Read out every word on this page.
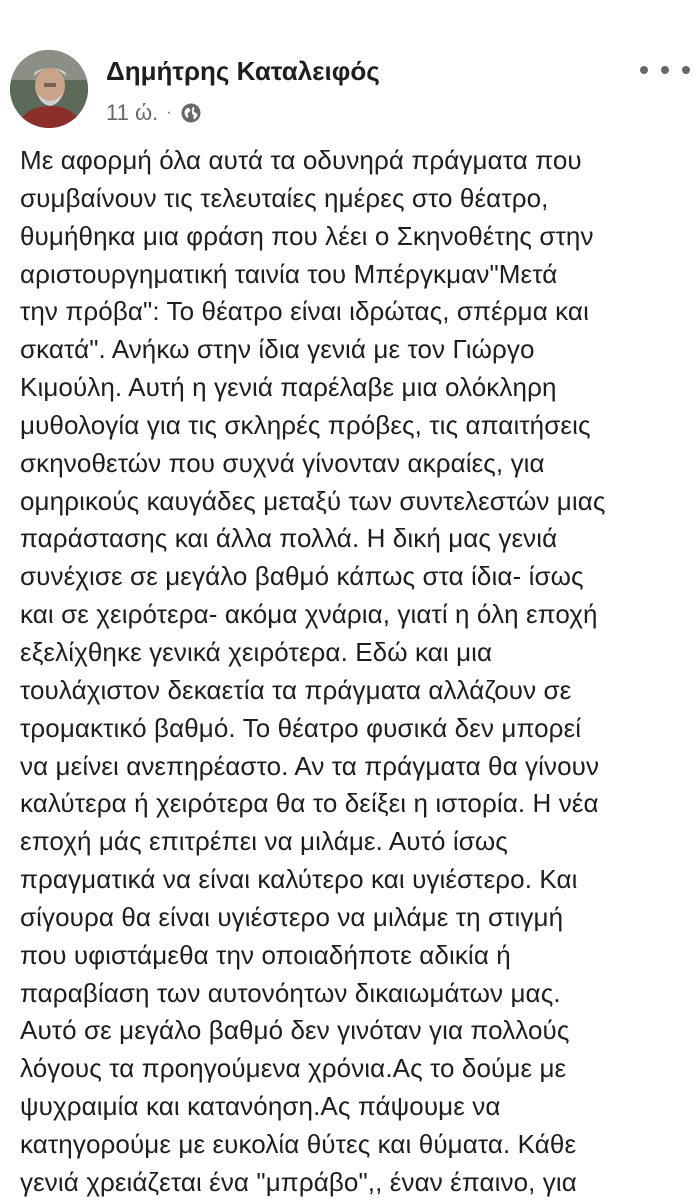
Δημήτρης Καταλειφός
11 ώ. ·
Με αφορμή όλα αυτά τα οδυνηρά πράγματα που
συμβαίνουν τις τελευταίες ημέρες στο θέατρο,
θυμήθηκα μια φράση που λέει ο Σκηνοθέτης στην
αριστουργηματική ταινία του Μπέργκμαν"Μετά
την πρόβα": Το θέατρο είναι ιδρώτας, σπέρμα και
σκατά". Ανήκω στην ίδια γενιά με τον Γιώργο
Κιμούλη. Αυτή η γενιά παρέλαβε μια ολόκληρη
μυθολογία για τις σκληρές πρόβες, τις απαιτήσεις
σκηνοθετών που συχνά γίνονταν ακραίες, για
ομηρικούς καυγάδες μεταξύ των συντελεστών μιας
παράστασης και άλλα πολλά. Η δική μας γενιά
συνέχισε σε μεγάλο βαθμό κάπως στα ίδια- ίσως
και σε χειρότερα- ακόμα χνάρια, γιατί η όλη εποχή
εξελίχθηκε γενικά χειρότερα. Εδώ και μια
τουλάχιστον δεκαετία τα πράγματα αλλάζουν σε
τρομακτικό βαθμό. Το θέατρο φυσικά δεν μπορεί
να μείνει ανεπηρέαστο. Αν τα πράγματα θα γίνουν
καλύτερα ή χειρότερα θα το δείξει η ιστορία. Η νέα
εποχή μάς επιτρέπει να μιλάμε. Αυτό ίσως
πραγματικά να είναι καλύτερο και υγιέστερο. Και
σίγουρα θα είναι υγιέστερο να μιλάμε τη στιγμή
που υφιστάμεθα την οποιαδήποτε αδικία ή
παραβίαση των αυτονόητων δικαιωμάτων μας.
Αυτό σε μεγάλο βαθμό δεν γινόταν για πολλούς
λόγους τα προηγούμενα χρόνια.Ας το δούμε με
ψυχραιμία και κατανόηση.Ας πάψουμε να
κατηγορούμε με ευκολία θύτες και θύματα. Κάθε
γενιά χρειάζεται ένα "μπράβο",, έναν έπαινο, για
